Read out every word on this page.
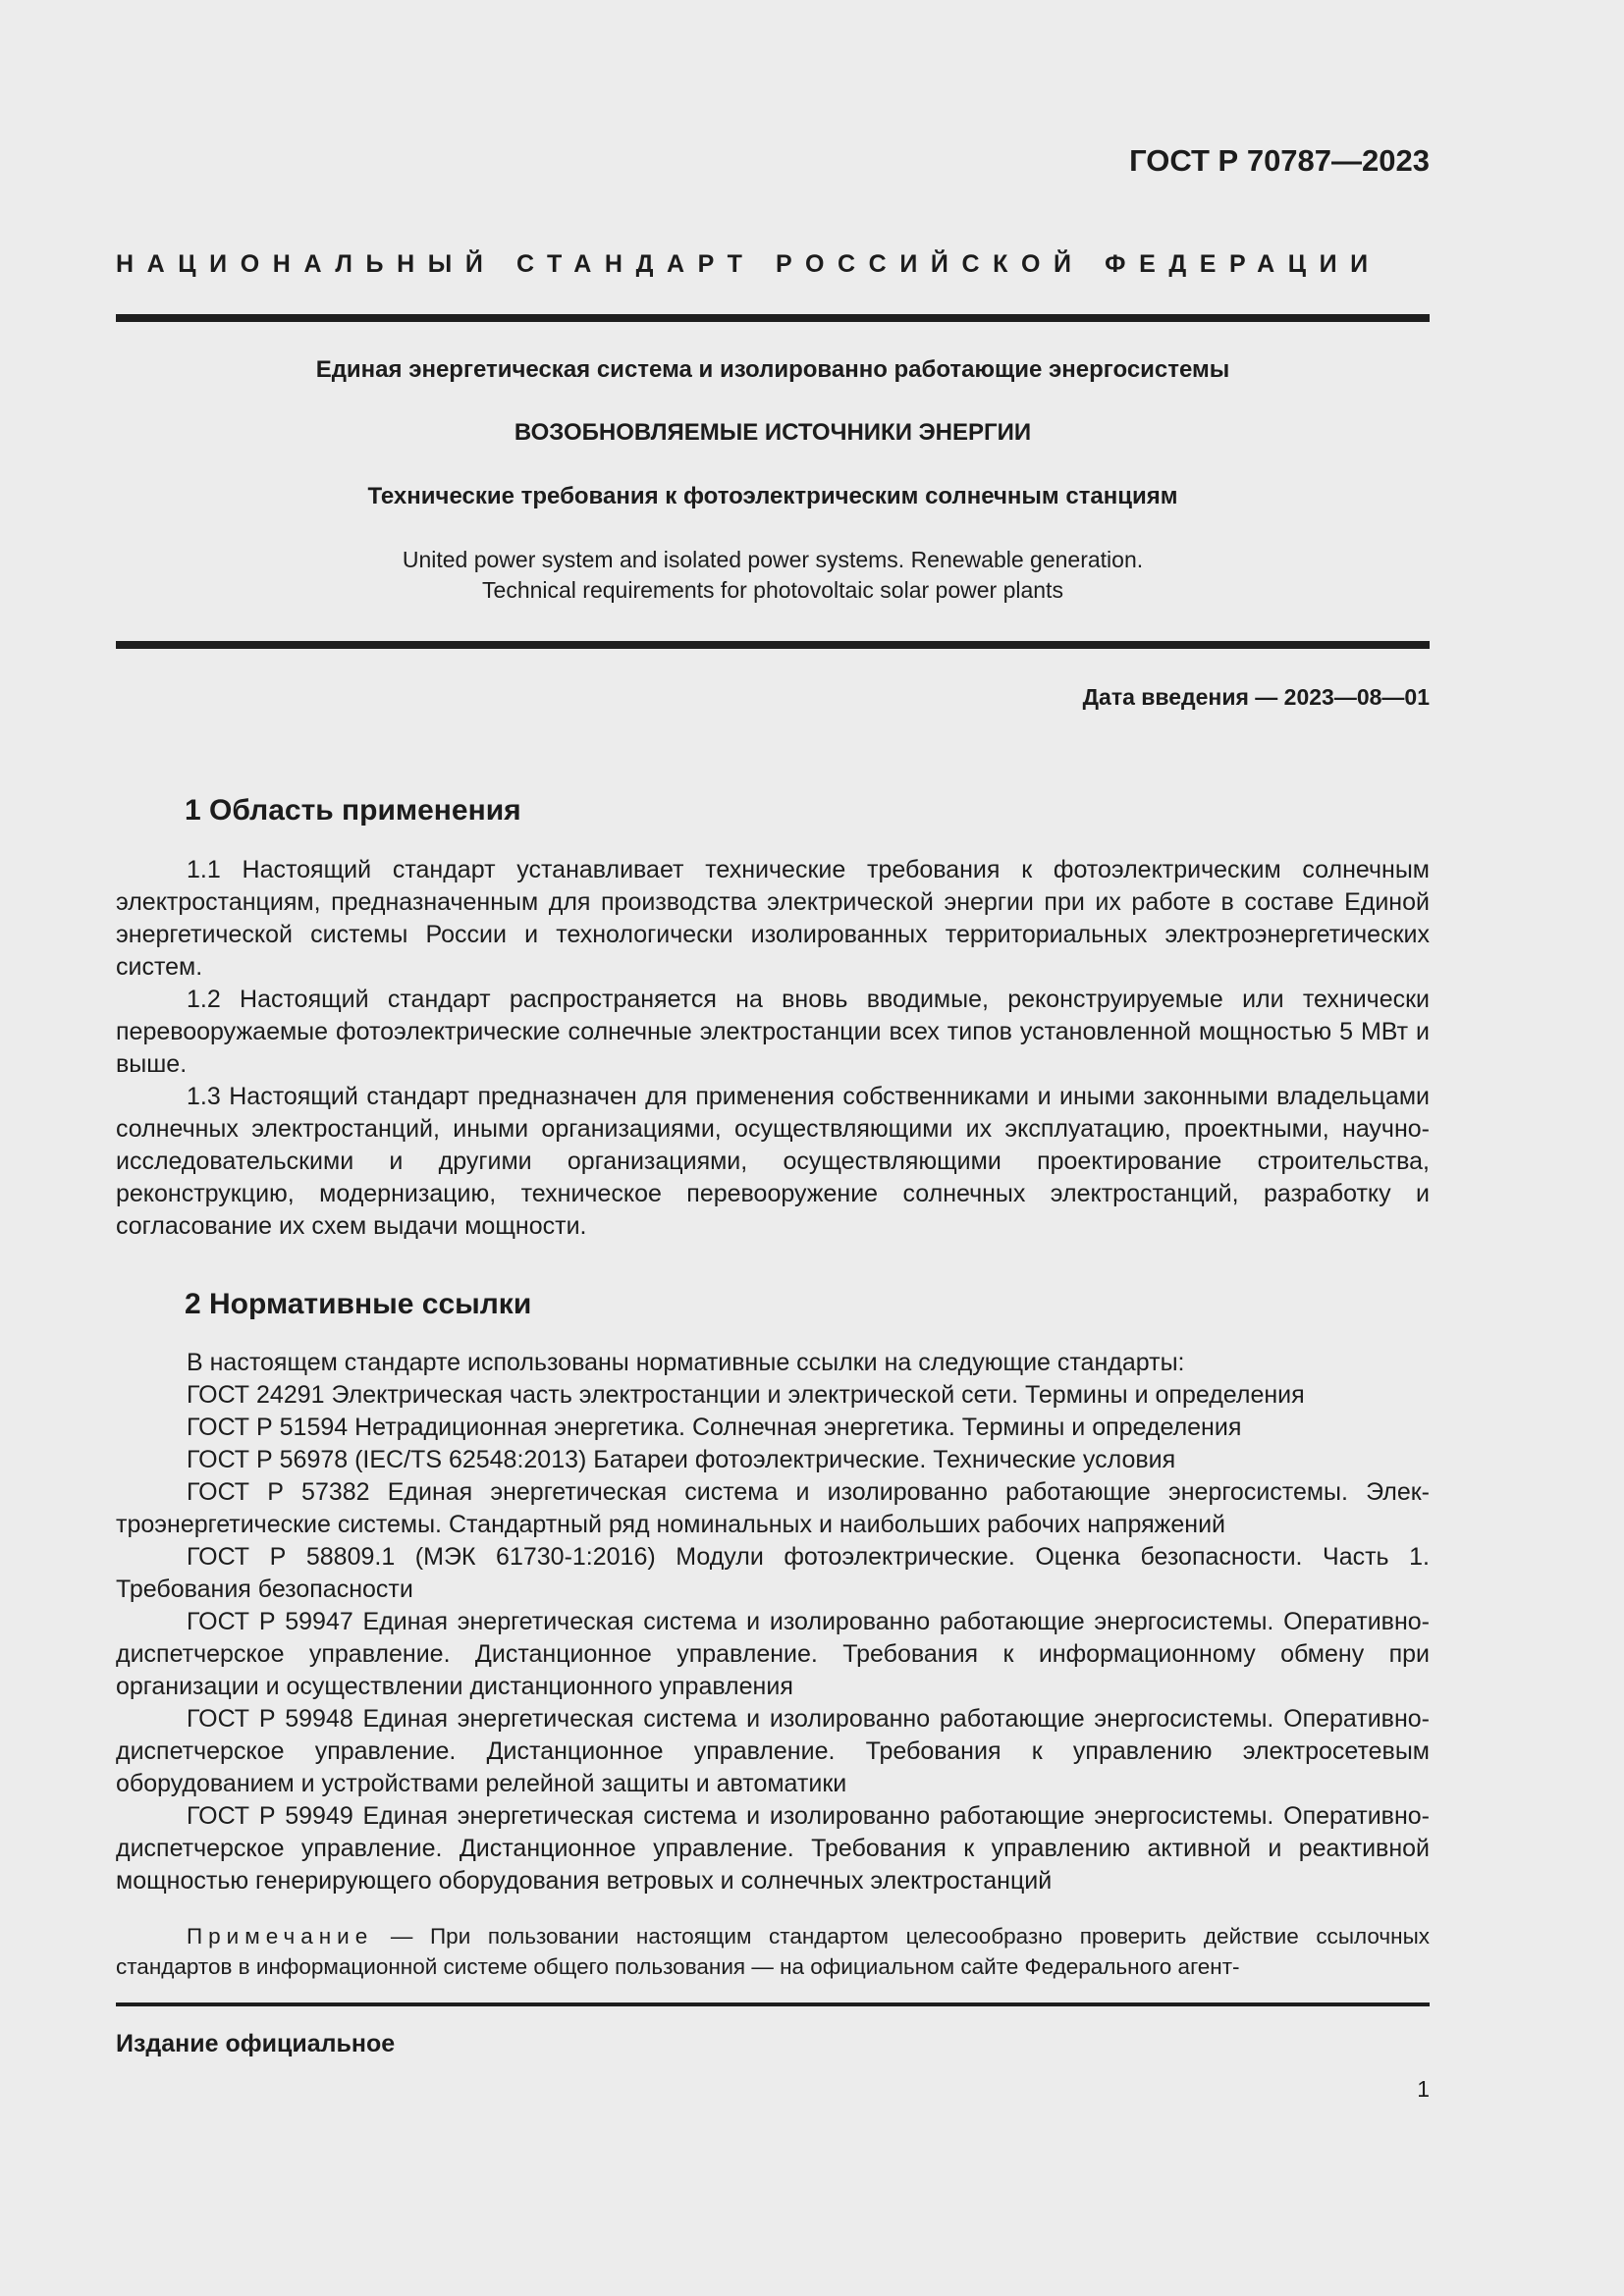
ГОСТ Р 70787—2023
НАЦИОНАЛЬНЫЙ СТАНДАРТ РОССИЙСКОЙ ФЕДЕРАЦИИ
Единая энергетическая система и изолированно работающие энергосистемы
ВОЗОБНОВЛЯЕМЫЕ ИСТОЧНИКИ ЭНЕРГИИ
Технические требования к фотоэлектрическим солнечным станциям
United power system and isolated power systems. Renewable generation.
Technical requirements for photovoltaic solar power plants
Дата введения — 2023—08—01
1 Область применения

1.1 Настоящий стандарт устанавливает технические требования к фотоэлектрическим солнечным электростанциям, предназначенным для производства электрической энергии при их работе в составе Единой энергетической системы России и технологически изолированных территориальных электроэнергетических систем.

1.2 Настоящий стандарт распространяется на вновь вводимые, реконструируемые или технически перевооружаемые фотоэлектрические солнечные электростанции всех типов установленной мощностью 5 МВт и выше.

1.3 Настоящий стандарт предназначен для применения собственниками и иными законными владельцами солнечных электростанций, иными организациями, осуществляющими их эксплуатацию, проектными, научно-исследовательскими и другими организациями, осуществляющими проектирование строительства, реконструкцию, модернизацию, техническое перевооружение солнечных электростанций, разработку и согласование их схем выдачи мощности.

2 Нормативные ссылки

В настоящем стандарте использованы нормативные ссылки на следующие стандарты:

ГОСТ 24291 Электрическая часть электростанции и электрической сети. Термины и определения

ГОСТ Р 51594 Нетрадиционная энергетика. Солнечная энергетика. Термины и определения

ГОСТ Р 56978 (IEC/TS 62548:2013) Батареи фотоэлектрические. Технические условия

ГОСТ Р 57382 Единая энергетическая система и изолированно работающие энергосистемы. Электроэнергетические системы. Стандартный ряд номинальных и наибольших рабочих напряжений

ГОСТ Р 58809.1 (МЭК 61730-1:2016) Модули фотоэлектрические. Оценка безопасности. Часть 1. Требования безопасности

ГОСТ Р 59947 Единая энергетическая система и изолированно работающие энергосистемы. Оперативно-диспетчерское управление. Дистанционное управление. Требования к информационному обмену при организации и осуществлении дистанционного управления

ГОСТ Р 59948 Единая энергетическая система и изолированно работающие энергосистемы. Оперативно-диспетчерское управление. Дистанционное управление. Требования к управлению электросетевым оборудованием и устройствами релейной защиты и автоматики

ГОСТ Р 59949 Единая энергетическая система и изолированно работающие энергосистемы. Оперативно-диспетчерское управление. Дистанционное управление. Требования к управлению активной и реактивной мощностью генерирующего оборудования ветровых и солнечных электростанций

Примечание — При пользовании настоящим стандартом целесообразно проверить действие ссылочных стандартов в информационной системе общего пользования — на официальном сайте Федерального агент-
Издание официальное
1
